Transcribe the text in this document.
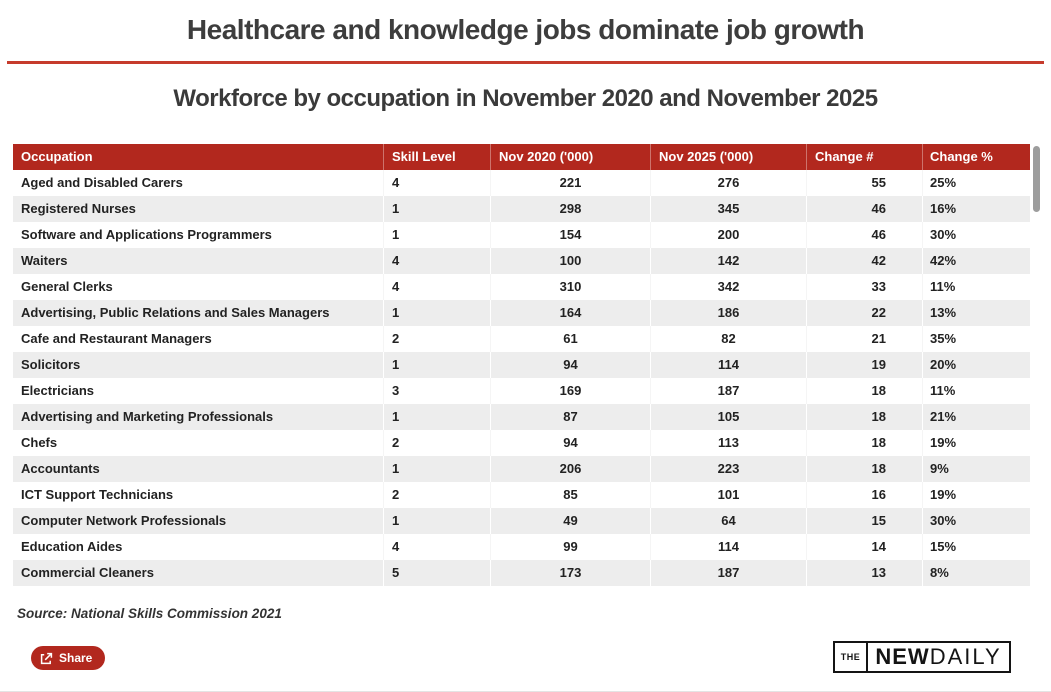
Healthcare and knowledge jobs dominate job growth
Workforce by occupation in November 2020 and November 2025
Occupation	Skill Level	Nov 2020 ('000)	Nov 2025 ('000)	Change #	Change %
Aged and Disabled Carers	4	221	276	55	25%
Registered Nurses	1	298	345	46	16%
Software and Applications Programmers	1	154	200	46	30%
Waiters	4	100	142	42	42%
General Clerks	4	310	342	33	11%
Advertising, Public Relations and Sales Managers	1	164	186	22	13%
Cafe and Restaurant Managers	2	61	82	21	35%
Solicitors	1	94	114	19	20%
Electricians	3	169	187	18	11%
Advertising and Marketing Professionals	1	87	105	18	21%
Chefs	2	94	113	18	19%
Accountants	1	206	223	18	9%
ICT Support Technicians	2	85	101	16	19%
Computer Network Professionals	1	49	64	15	30%
Education Aides	4	99	114	14	15%
Commercial Cleaners	5	173	187	13	8%
Source: National Skills Commission 2021
Share	THE NEW DAILY
